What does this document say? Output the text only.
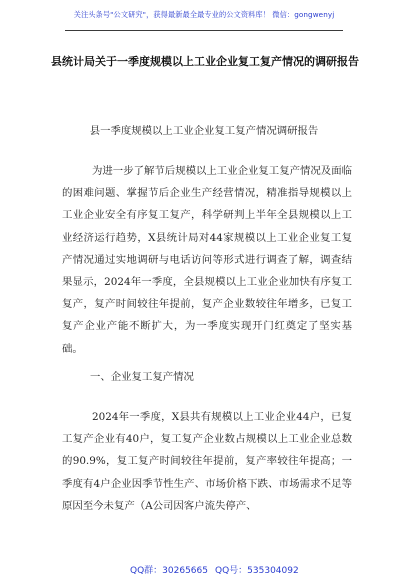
关注头条号"公文研究"，获得最新最全最专业的公文资料库！ 微信：gongwenyj
县统计局关于一季度规模以上工业企业复工复产情况的调研报告
县一季度规模以上工业企业复工复产情况调研报告
为进一步了解节后规模以上工业企业复工复产情况及面临的困难问题、掌握节后企业生产经营情况，精准指导规模以上工业企业安全有序复工复产，科学研判上半年全县规模以上工业经济运行趋势，X县统计局对44家规模以上工业企业复工复产情况通过实地调研与电话访问等形式进行调查了解，调查结果显示，2024年一季度，全县规模以上工业企业加快有序复工复产，复产时间较往年提前，复产企业数较往年增多，已复工复产企业产能不断扩大，为一季度实现开门红奠定了坚实基础。
一、企业复工复产情况
2024年一季度，X县共有规模以上工业企业44户，已复工复产企业有40户，复工复产企业数占规模以上工业企业总数的90.9%，复工复产时间较往年提前，复产率较往年提高；一季度有4户企业因季节性生产、市场价格下跌、市场需求不足等原因至今未复产（A公司因客户流失停产、
QQ群：30265665 QQ号：535304092
